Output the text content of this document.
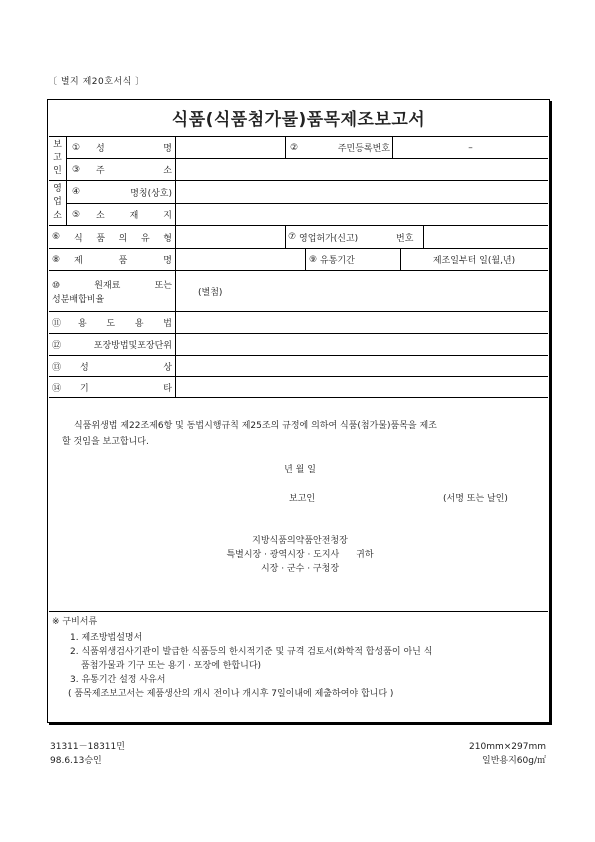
〔 별지 제20호서식 〕
식품(식품첨가물)품목제조보고서
보
고
인
영
업
소
①	성	명	②	주민등록번호	–
③	주	소
④	명칭(상호)
⑤	소	재	지
⑥	식 품 의 유 형	⑦ 영업허가(신고)	번호
⑧	제	품	명	⑨ 유통기간	제조일부터 일(월,년)
⑩	원재료	또는
성분배합비율
(별첨)
⑪	용 도 용 법
⑫	포장방법및포장단위
⑬	성	상
⑭	기	타
식품위생법 제22조제6항 및 동법시행규칙 제25조의 규정에 의하여 식품(첨가물)품목을 제조
할 것임을 보고합니다.
년 월 일
보고인	(서명 또는 날인)
지방식품의약품안전청장
특별시장 · 광역시장 · 도지사 귀하
시장 · 군수 · 구청장
※ 구비서류
1. 제조방법설명서
2. 식품위생검사기관이 발급한 식품등의 한시적기준 및 규격 검토서(화학적 합성품이 아닌 식
품첨가물과 기구 또는 용기 · 포장에 한합니다)
3. 유통기간 설정 사유서
( 품목제조보고서는 제품생산의 개시 전이나 개시후 7일이내에 제출하여야 합니다 )
31311－18311민
98.6.13승인
210mm×297mm
일반용지60g/㎡
